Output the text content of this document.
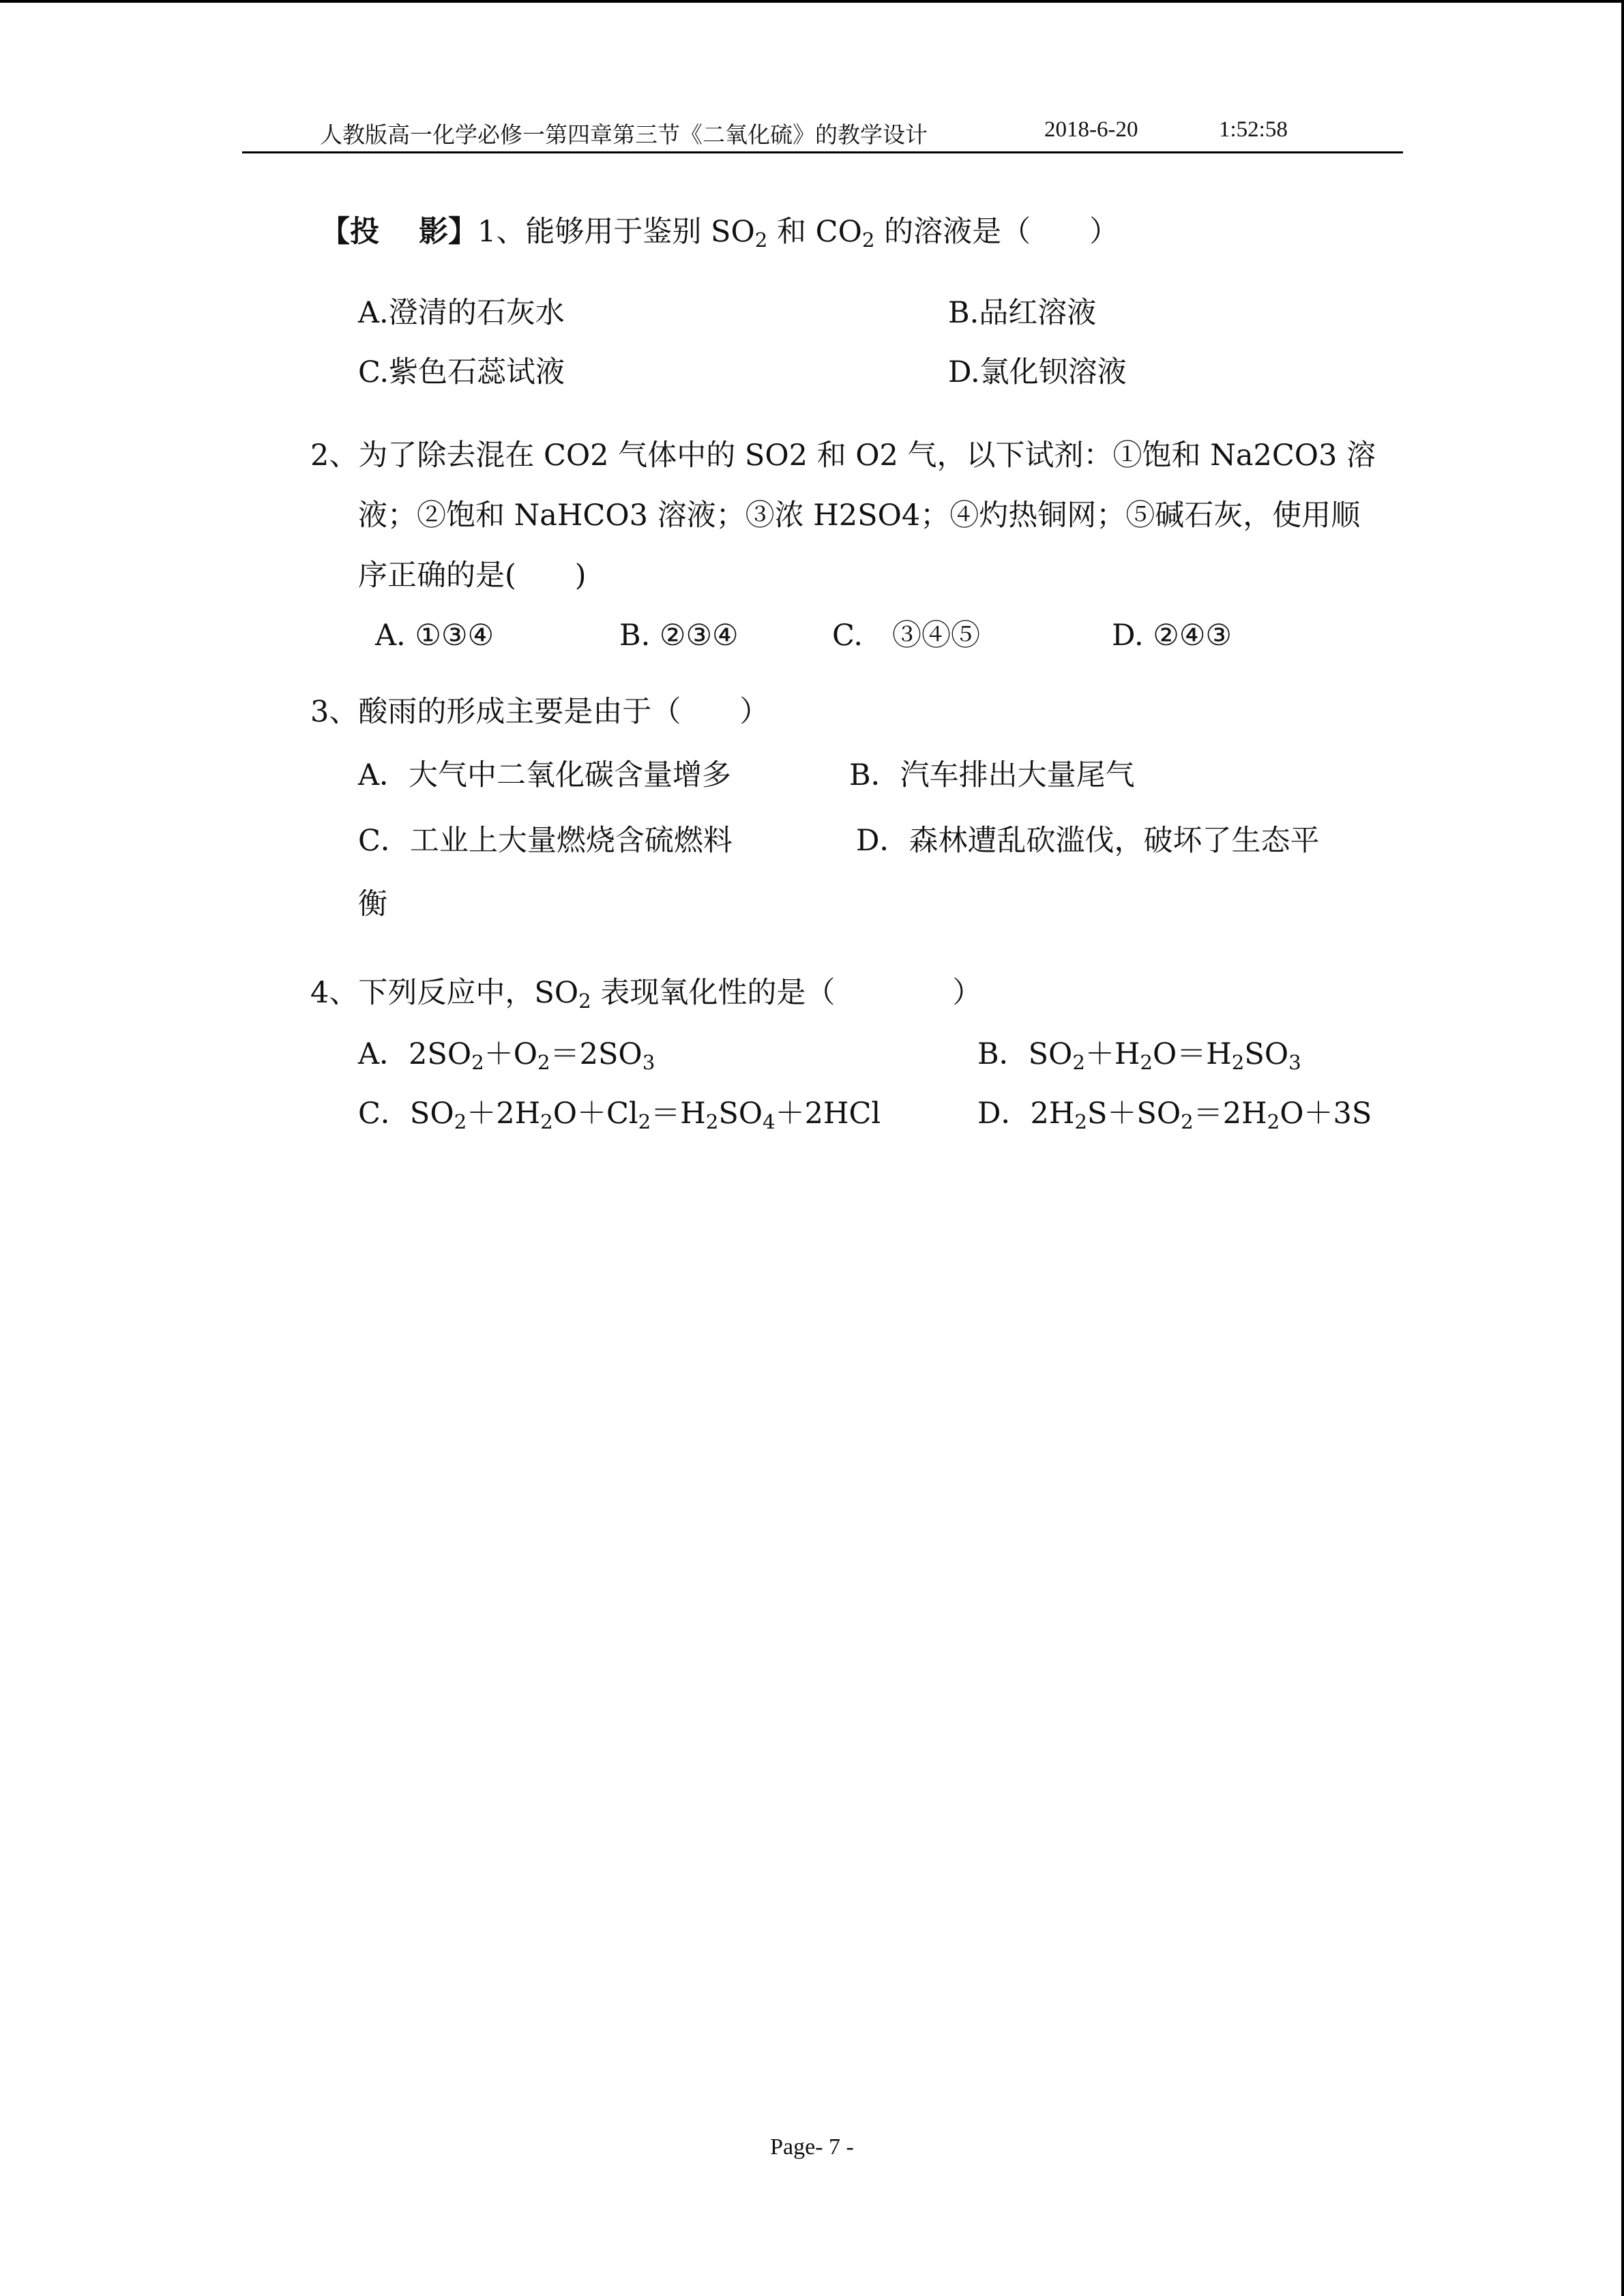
人教版高一化学必修一第四章第三节《二氧化硫》的教学设计	2018-6-20	1:52:58
【投　 影】1、能够用于鉴别 $SO_2$ 和 $CO_2$ 的溶液是（　　）
A.澄清的石灰水	B.品红溶液
C.紫色石蕊试液	D.氯化钡溶液
2、为了除去混在 CO2 气体中的 SO2 和 O2 气，以下试剂：①饱和 Na2CO3 溶
液；②饱和 NaHCO3 溶液；③浓 H2SO4；④灼热铜网；⑤碱石灰，使用顺
序正确的是(　　)
A. ①③④	B. ②③④	C.　③④⑤	D. ②④③
3、酸雨的形成主要是由于（　　）
A．大气中二氧化碳含量增多	B．汽车排出大量尾气
C．工业上大量燃烧含硫燃料	D．森林遭乱砍滥伐，破坏了生态平
衡
4、下列反应中，$SO_2$ 表现氧化性的是（　　　　）
A．$2SO_2+O_2=2SO_3$	B．$SO_2+H_2O=H_2SO_3$
C．$SO_2+2H_2O+Cl_2=H_2SO_4+2HCl$	D．$2H_2S+SO_2=2H_2O+3S$
Page- 7 -
